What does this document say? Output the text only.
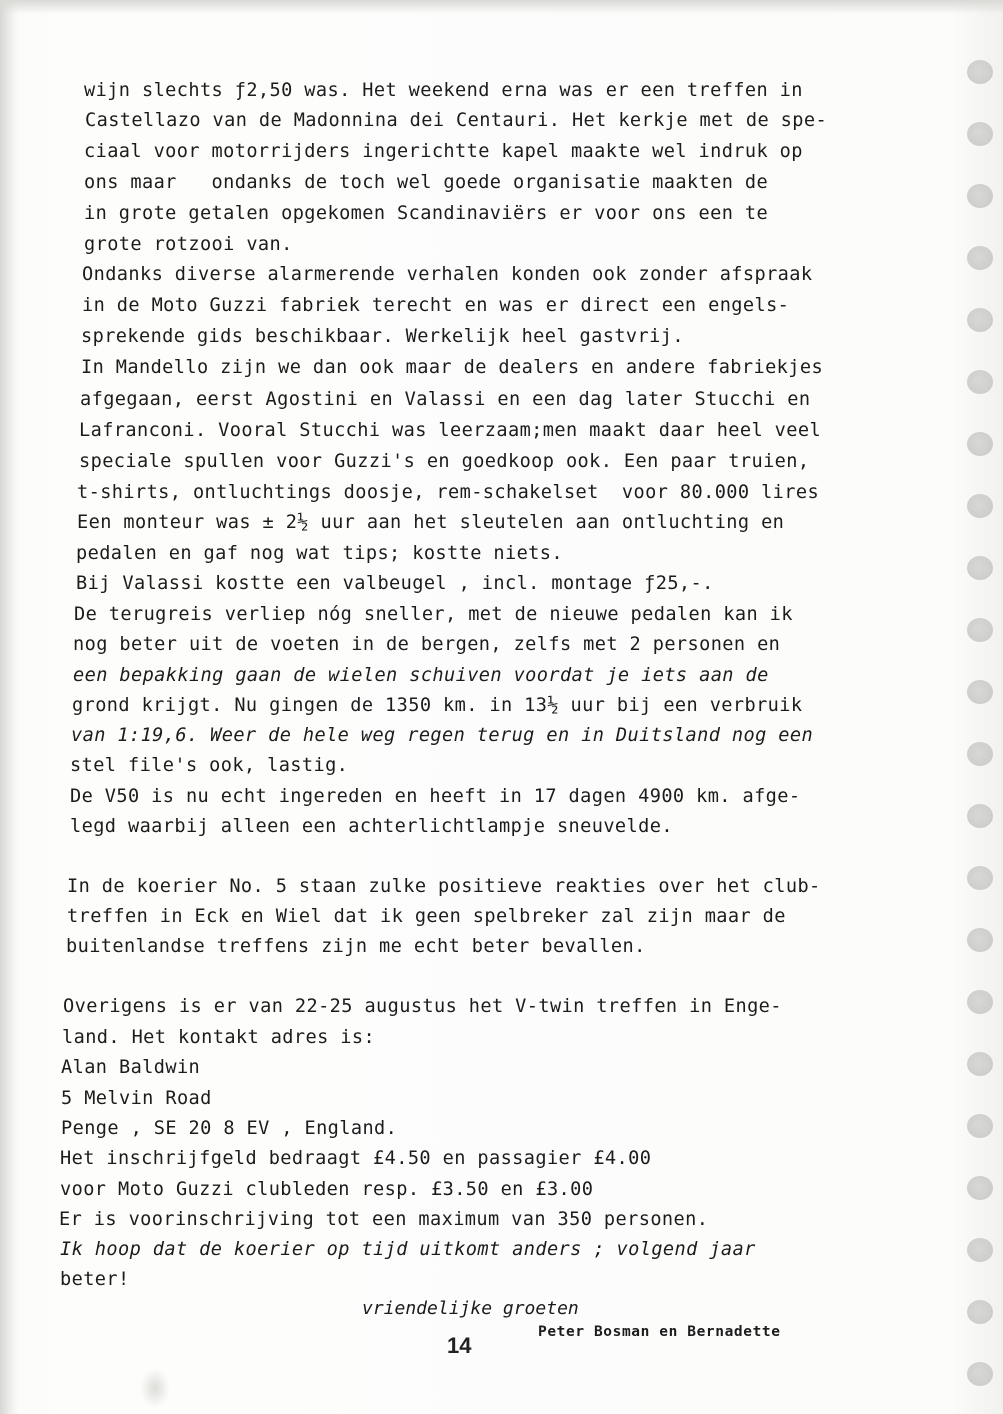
wijn slechts ƒ2,50 was. Het weekend erna was er een treffen in
Castellazo van de Madonnina dei Centauri. Het kerkje met de spe-
ciaal voor motorrijders ingerichtte kapel maakte wel indruk op
ons maar   ondanks de toch wel goede organisatie maakten de
in grote getalen opgekomen Scandinaviërs er voor ons een te
grote rotzooi van.
Ondanks diverse alarmerende verhalen konden ook zonder afspraak
in de Moto Guzzi fabriek terecht en was er direct een engels-
sprekende gids beschikbaar. Werkelijk heel gastvrij.
In Mandello zijn we dan ook maar de dealers en andere fabriekjes
afgegaan, eerst Agostini en Valassi en een dag later Stucchi en
Lafranconi. Vooral Stucchi was leerzaam;men maakt daar heel veel
speciale spullen voor Guzzi's en goedkoop ook. Een paar truien,
t-shirts, ontluchtings doosje, rem-schakelset  voor 80.000 lires
Een monteur was ± 2½ uur aan het sleutelen aan ontluchting en
pedalen en gaf nog wat tips; kostte niets.
Bij Valassi kostte een valbeugel , incl. montage ƒ25,-.
De terugreis verliep nóg sneller, met de nieuwe pedalen kan ik
nog beter uit de voeten in de bergen, zelfs met 2 personen en
een bepakking gaan de wielen schuiven voordat je iets aan de
grond krijgt. Nu gingen de 1350 km. in 13½ uur bij een verbruik
van 1:19,6. Weer de hele weg regen terug en in Duitsland nog een
stel file's ook, lastig.
De V50 is nu echt ingereden en heeft in 17 dagen 4900 km. afge-
legd waarbij alleen een achterlichtlampje sneuvelde.
In de koerier No. 5 staan zulke positieve reakties over het club-
treffen in Eck en Wiel dat ik geen spelbreker zal zijn maar de
buitenlandse treffens zijn me echt beter bevallen.
Overigens is er van 22-25 augustus het V-twin treffen in Enge-
land. Het kontakt adres is:
Alan Baldwin
5 Melvin Road
Penge , SE 20 8 EV , England.
Het inschrijfgeld bedraagt £4.50 en passagier £4.00
voor Moto Guzzi clubleden resp. £3.50 en £3.00
Er is voorinschrijving tot een maximum van 350 personen.
Ik hoop dat de koerier op tijd uitkomt anders ; volgend jaar
beter!
vriendelijke groeten
Peter Bosman en Bernadette
14
